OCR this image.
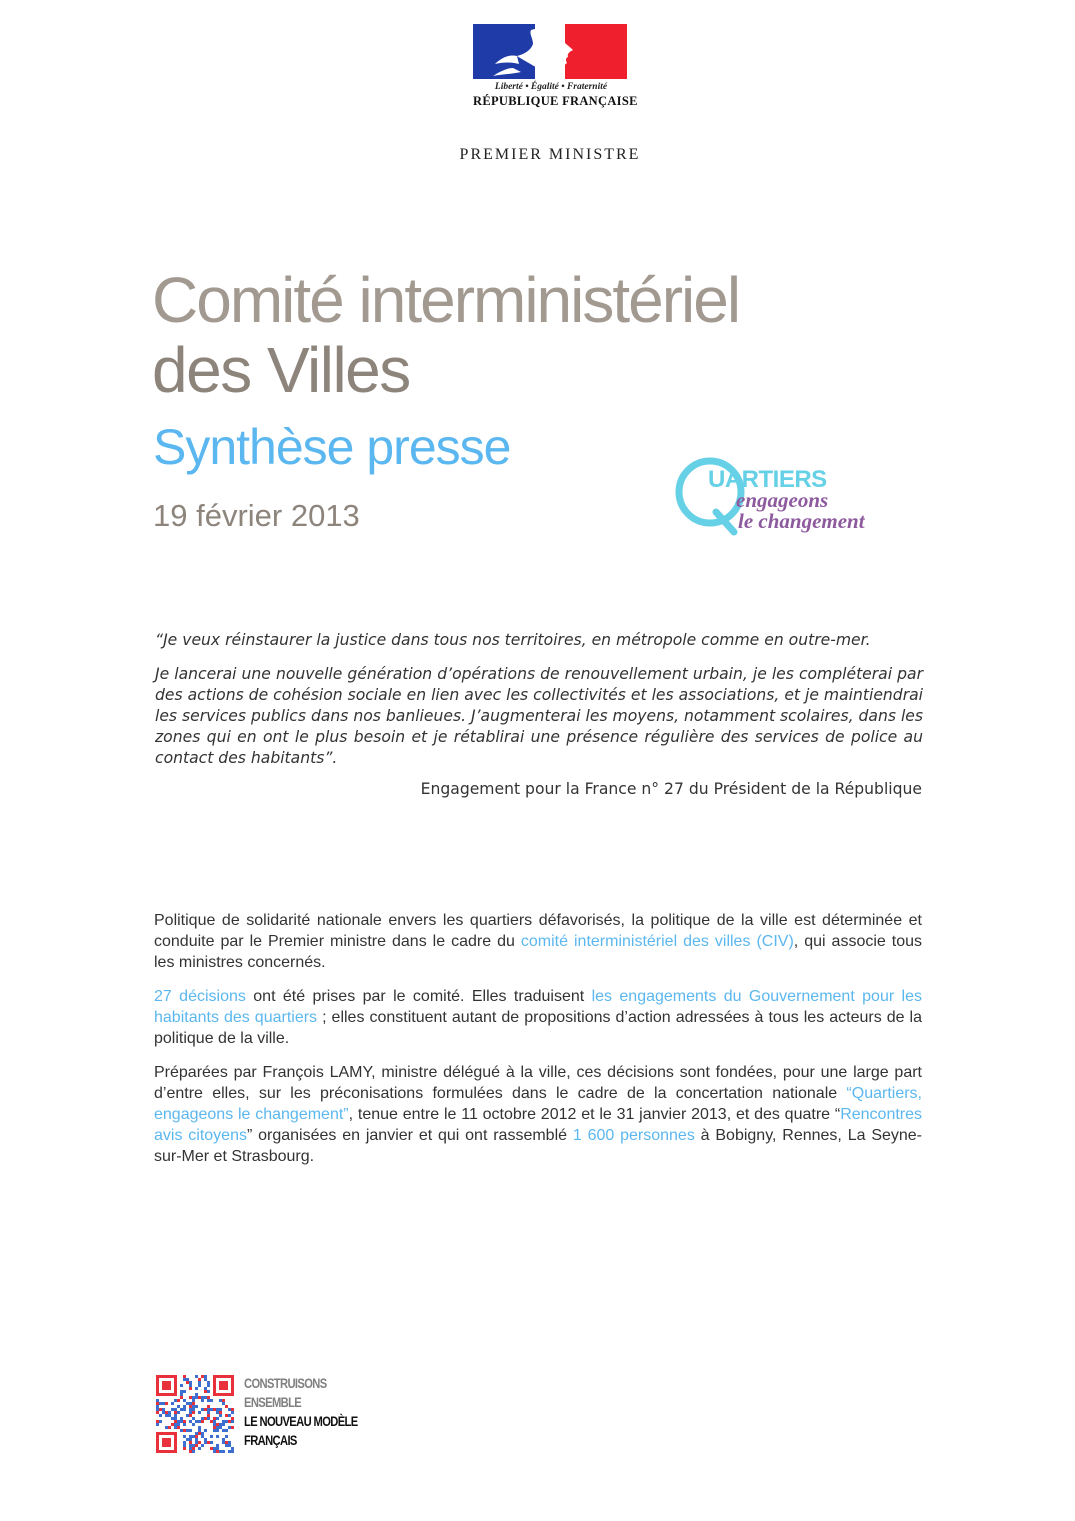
Liberté • Égalité • Fraternité
RÉPUBLIQUE FRANÇAISE
PREMIER MINISTRE
Comité interministériel
des Villes
Synthèse presse
19 février 2013
UARTIERS
engageons
le changement

“Je veux réinstaurer la justice dans tous nos territoires, en métropole comme en outre-mer.

Je lancerai une nouvelle génération d’opérations de renouvellement urbain, je les compléterai par des actions de cohésion sociale en lien avec les collectivités et les associations, et je maintiendrai les services publics dans nos banlieues. J’augmenterai les moyens, notamment scolaires, dans les zones qui en ont le plus besoin et je rétablirai une présence régulière des services de police au contact des habitants”.

Engagement pour la France n° 27 du Président de la République

Politique de solidarité nationale envers les quartiers défavorisés, la politique de la ville est déterminée et conduite par le Premier ministre dans le cadre du comité interministériel des villes (CIV), qui associe tous les ministres concernés.

27 décisions ont été prises par le comité. Elles traduisent les engagements du Gouvernement pour les habitants des quartiers ; elles constituent autant de propositions d’action adressées à tous les acteurs de la politique de la ville.

Préparées par François LAMY, ministre délégué à la ville, ces décisions sont fondées, pour une large part d’entre elles, sur les préconisations formulées dans le cadre de la concertation nationale “Quartiers, engageons le changement”, tenue entre le 11 octobre 2012 et le 31 janvier 2013, et des quatre “Rencontres avis citoyens” organisées en janvier et qui ont rassemblé 1 600 personnes à Bobigny, Rennes, La Seyne-sur-Mer et Strasbourg.

CONSTRUISONS
ENSEMBLE
LE NOUVEAU MODÈLE
FRANÇAIS
